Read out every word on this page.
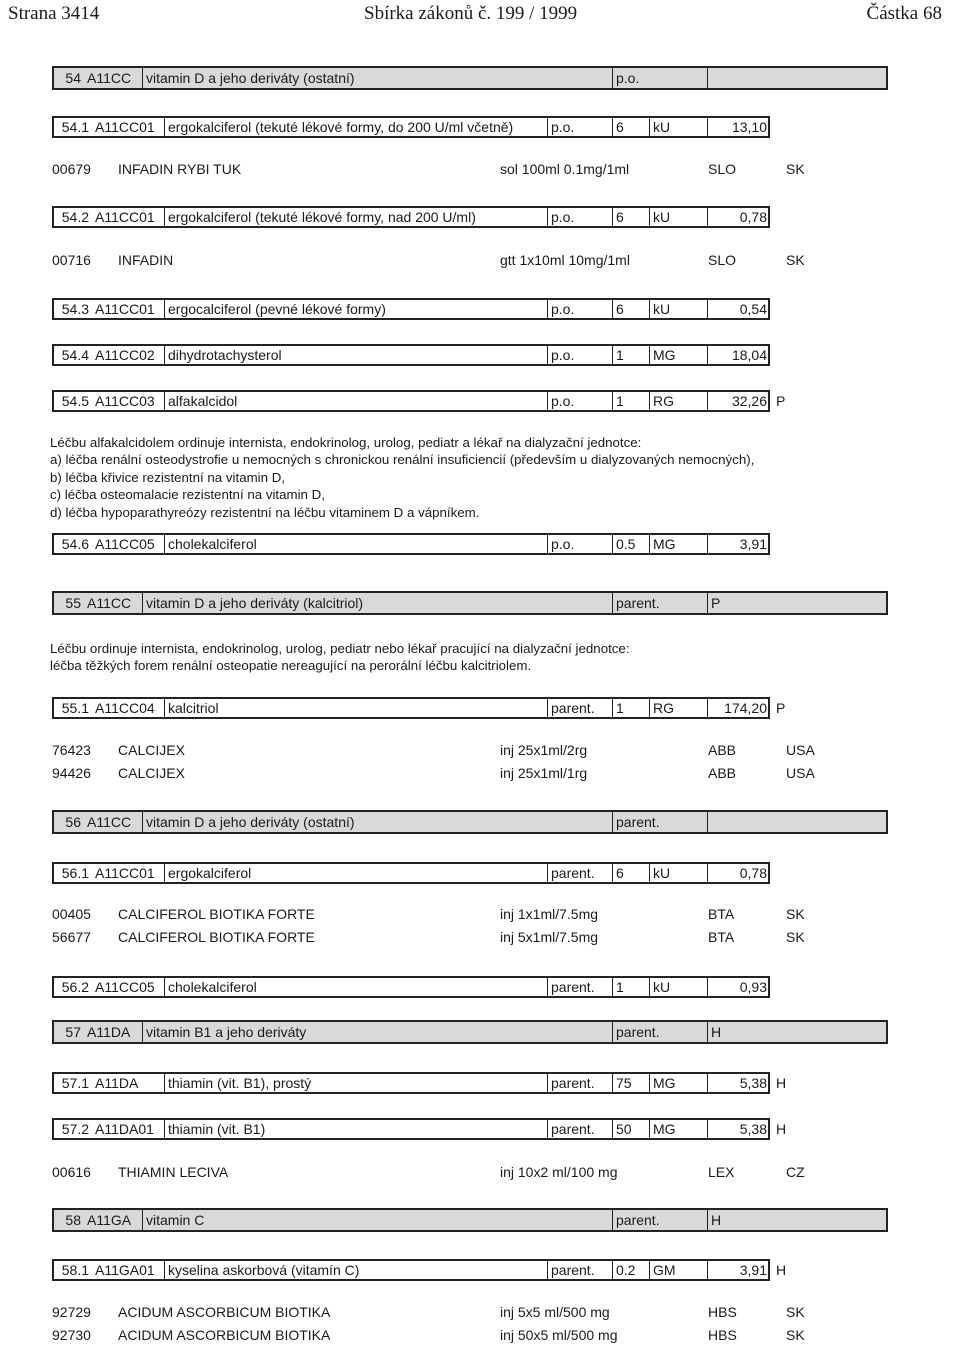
Strana 3414	Sbírka zákonů č. 199 / 1999	Částka 68
54 A11CC	vitamin D a jeho deriváty (ostatní)	p.o.
54.1 A11CC01 ergokalciferol (tekuté lékové formy, do 200 U/ml včetně)	p.o.	6	kU	13,10
00679 INFADIN RYBI TUK	sol 100ml 0.1mg/1ml	SLO	SK
54.2 A11CC01 ergokalciferol (tekuté lékové formy, nad 200 U/ml)	p.o.	6	kU	0,78
00716 INFADIN	gtt 1x10ml 10mg/1ml	SLO	SK
54.3 A11CC01 ergocalciferol (pevné lékové formy)	p.o.	6	kU	0,54
54.4 A11CC02 dihydrotachysterol	p.o.	1	MG	18,04
54.5 A11CC03 alfakalcidol	p.o.	1	RG	32,26 P
Léčbu alfakalcidolem ordinuje internista, endokrinolog, urolog, pediatr a lékař na dialyzační jednotce:
a) léčba renální osteodystrofie u nemocných s chronickou renální insuficiencií (především u dialyzovaných nemocných),
b) léčba křivice rezistentní na vitamin D,
c) léčba osteomalacie rezistentní na vitamin D,
d) léčba hypoparathyreózy rezistentní na léčbu vitaminem D a vápníkem.
54.6 A11CC05 cholekalciferol	p.o.	0.5	MG	3,91
55 A11CC	vitamin D a jeho deriváty (kalcitriol)	parent.	P
Léčbu ordinuje internista, endokrinolog, urolog, pediatr nebo lékař pracující na dialyzační jednotce:
léčba těžkých forem renální osteopatie nereagující na perorální léčbu kalcitriolem.
55.1 A11CC04 kalcitriol	parent.	1	RG	174,20 P
76423 CALCIJEX	inj 25x1ml/2rg	ABB	USA
94426 CALCIJEX	inj 25x1ml/1rg	ABB	USA
56 A11CC	vitamin D a jeho deriváty (ostatní)	parent.
56.1 A11CC01 ergokalciferol	parent.	6	kU	0,78
00405 CALCIFEROL BIOTIKA FORTE	inj 1x1ml/7.5mg	BTA	SK
56677 CALCIFEROL BIOTIKA FORTE	inj 5x1ml/7.5mg	BTA	SK
56.2 A11CC05 cholekalciferol	parent.	1	kU	0,93
57 A11DA	vitamin B1 a jeho deriváty	parent.	H
57.1 A11DA	thiamin (vit. B1), prostý	parent.	75	MG	5,38 H
57.2 A11DA01	thiamin (vit. B1)	parent.	50	MG	5,38 H
00616 THIAMIN LECIVA	inj 10x2 ml/100 mg	LEX	CZ
58 A11GA	vitamin C	parent.	H
58.1 A11GA01 kyselina askorbová (vitamín C)	parent.	0.2	GM	3,91 H
92729 ACIDUM ASCORBICUM BIOTIKA	inj 5x5 ml/500 mg	HBS	SK
92730 ACIDUM ASCORBICUM BIOTIKA	inj 50x5 ml/500 mg	HBS	SK
